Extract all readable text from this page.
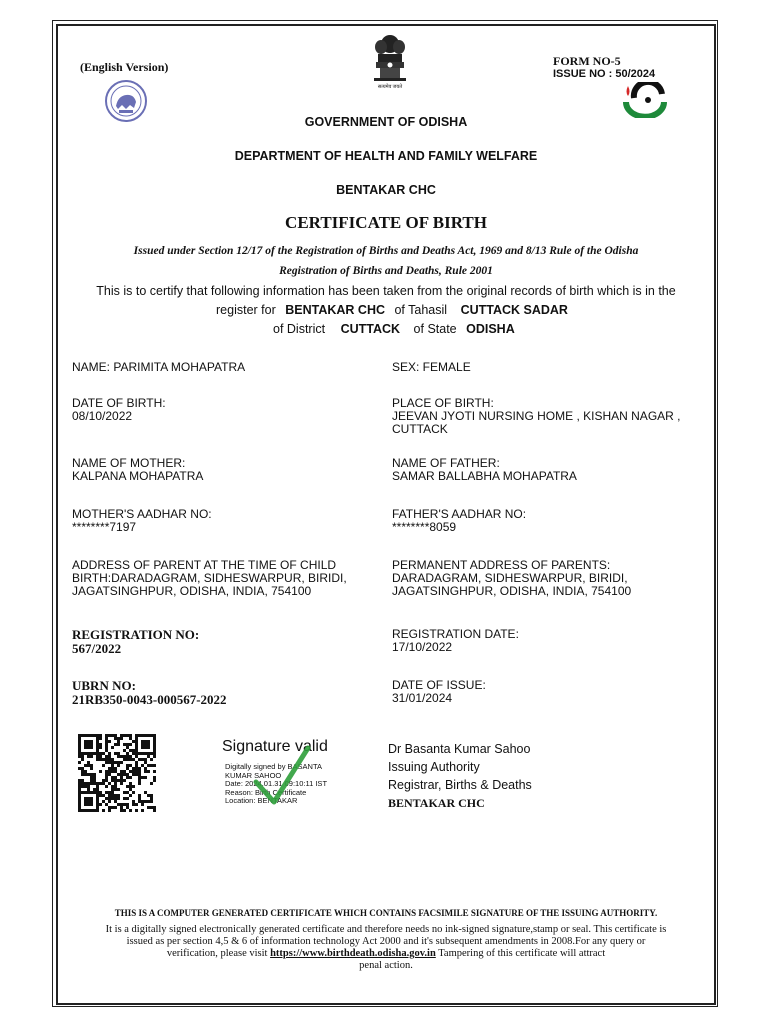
(English Version)
सत्यमेव जयते
FORM NO-5
ISSUE NO : 50/2024
GOVERNMENT OF ODISHA
DEPARTMENT OF HEALTH AND FAMILY WELFARE
BENTAKAR CHC
CERTIFICATE OF BIRTH
Issued under Section 12/17 of the Registration of Births and Deaths Act, 1969 and 8/13 Rule of the Odisha
Registration of Births and Deaths, Rule 2001
This is to certify that following information has been taken from the original records of birth which is in the
register for BENTAKAR CHC of Tahasil CUTTACK SADAR
of District CUTTACK of State ODISHA
NAME: PARIMITA MOHAPATRA
DATE OF BIRTH:
08/10/2022
NAME OF MOTHER:
KALPANA MOHAPATRA
MOTHER'S AADHAR NO:
********7197
ADDRESS OF PARENT AT THE TIME OF CHILD
BIRTH:DARADAGRAM, SIDHESWARPUR, BIRIDI,
JAGATSINGHPUR, ODISHA, INDIA, 754100
REGISTRATION NO:
567/2022
UBRN NO:
21RB350-0043-000567-2022
SEX: FEMALE
PLACE OF BIRTH:
JEEVAN JYOTI NURSING HOME , KISHAN NAGAR ,
CUTTACK
NAME OF FATHER:
SAMAR BALLABHA MOHAPATRA
FATHER'S AADHAR NO:
********8059
PERMANENT ADDRESS OF PARENTS:
DARADAGRAM, SIDHESWARPUR, BIRIDI,
JAGATSINGHPUR, ODISHA, INDIA, 754100
REGISTRATION DATE:
17/10/2022
DATE OF ISSUE:
31/01/2024
Signature valid
Digitally signed by BASANTA
KUMAR SAHOO
Date: 2024.01.31 09:10:11 IST
Reason: Birth Certificate
Location: BENTAKAR
Dr Basanta Kumar Sahoo
Issuing Authority
Registrar, Births & Deaths
BENTAKAR CHC
THIS IS A COMPUTER GENERATED CERTIFICATE WHICH CONTAINS FACSIMILE SIGNATURE OF THE ISSUING AUTHORITY.
It is a digitally signed electronically generated certificate and therefore needs no ink-signed signature,stamp or seal. This certificate is
issued as per section 4,5 & 6 of information technology Act 2000 and it's subsequent amendments in 2008.For any query or
verification, please visit https://www.birthdeath.odisha.gov.in Tampering of this certificate will attract
penal action.
